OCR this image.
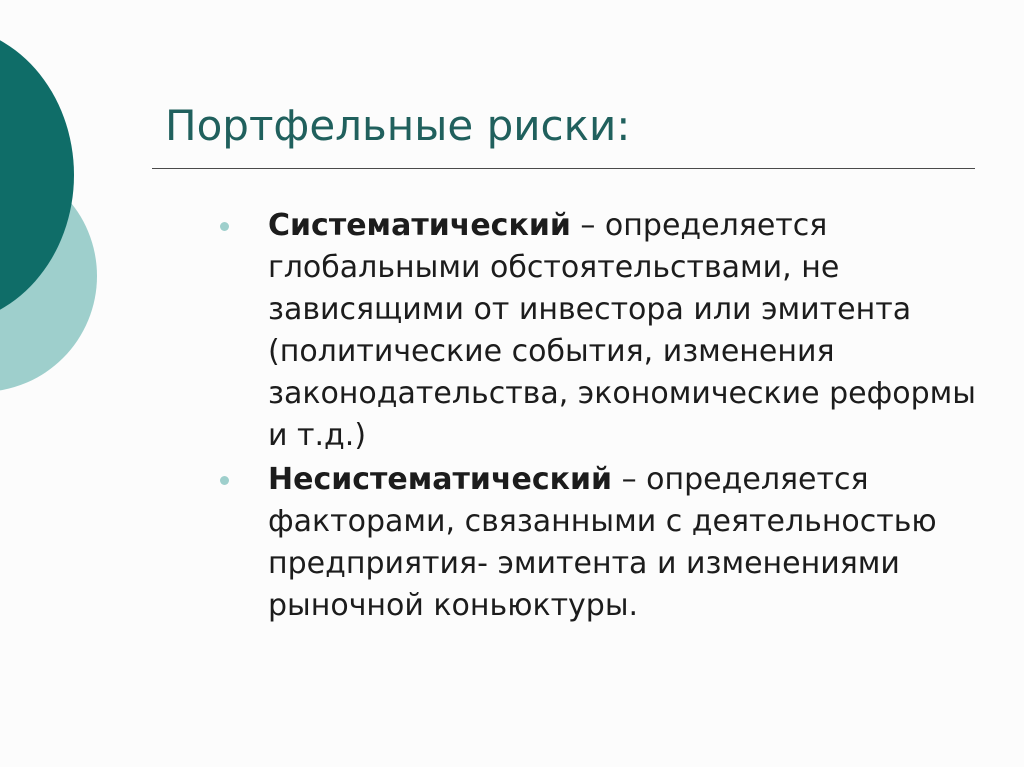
Портфельные риски:
Систематический – определяется глобальными обстоятельствами, не зависящими от инвестора или эмитента (политические события, изменения законодательства, экономические реформы и т.д.)
Несистематический – определяется факторами, связанными с деятельностью предприятия- эмитента и изменениями рыночной коньюктуры.
